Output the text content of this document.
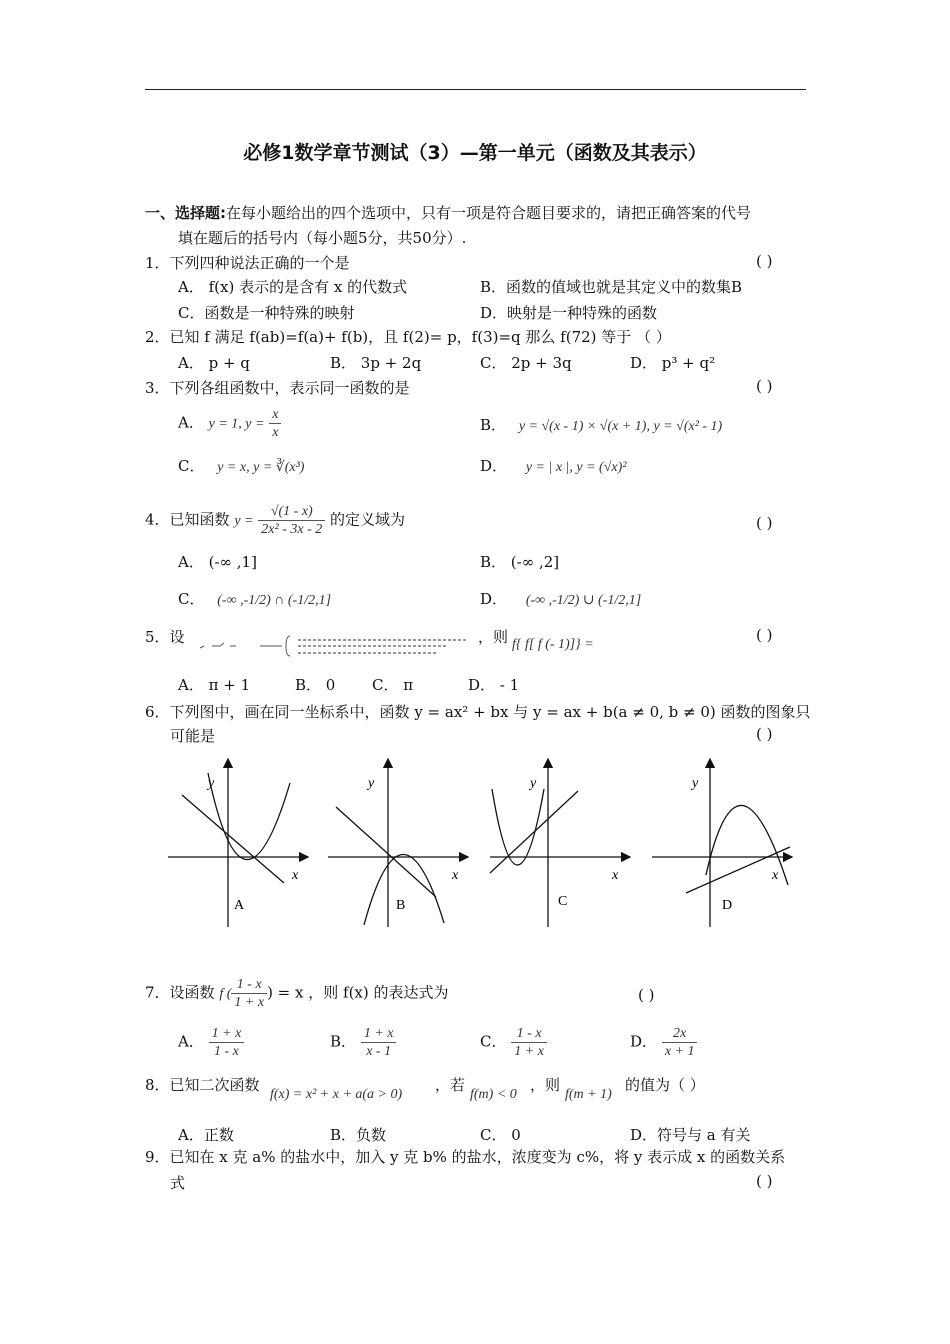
必修1数学章节测试（3）—第一单元（函数及其表示）
一、选择题:在每小题给出的四个选项中，只有一项是符合题目要求的，请把正确答案的代号
填在题后的括号内（每小题5分，共50分）.
1．下列四种说法正确的一个是	( )
A． f(x) 表示的是含有 x 的代数式	B．函数的值域也就是其定义中的数集B
C．函数是一种特殊的映射	D．映射是一种特殊的函数
2．已知 f 满足 f(ab)=f(a)+ f(b)，且 f(2)= p，f(3)=q 那么 f(72) 等于 （ ）
A． p + q	B． 3p + 2q	C． 2p + 3q	D． p³ + q²
3．下列各组函数中，表示同一函数的是	( )
A． y = 1, $y = \frac{x}{x}$	B． y = √(x - 1) × √(x + 1), y = √(x² - 1)
C． y = x, y = ∛(x³)	D． y = | x |, y = (√x)²
4．已知函数 $y = \frac{√(1 - x)}{\text{2x² - 3x - 2}}$ 的定义域为	( )
A． (-∞ ,1]	B． (-∞ ,2]
C． (-∞ ,-1/2) ∩ (-1/2,1]	D． (-∞ ,-1/2) ∪ (-1/2,1]
5．设	，则 f{ f[ f (- 1)]} =
( )
A． π + 1	B． 0 C． π	D． - 1
6．下列图中，画在同一坐标系中，函数 y = ax² + bx 与 y = ax + b(a ≠ 0, b ≠ 0) 函数的图象只
可能是	( )
y
x
A
y
x
B
y
x
C
y
x
D
7．设函数 f ( $\frac{1 - x}{1 + x}$ ) = x ，则 f(x) 的表达式为	( )
A． $\frac{1 + x}{1 - x}$	B． $\frac{1 + x}{x - 1}$	C． $\frac{1 - x}{1 + x}$	D． $\frac{2x}{x + 1}$
8．已知二次函数
f(x) = x² + x + a(a > 0)
，若
f(m) < 0
，则
f(m + 1)
的值为（ ）
A．正数	B．负数	C． 0	D．符号与 a 有关
9．已知在 x 克 a% 的盐水中，加入 y 克 b% 的盐水，浓度变为 c%，将 y 表示成 x 的函数关系
式	( )
